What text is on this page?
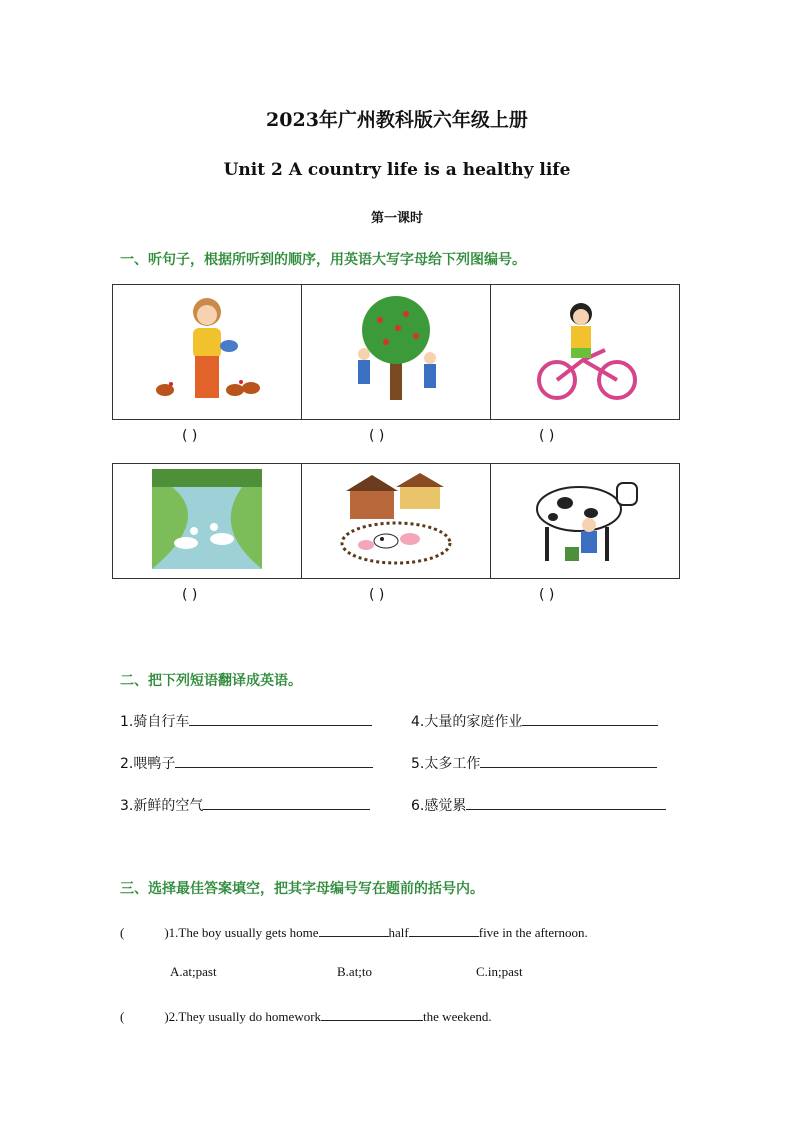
2023年广州教科版六年级上册
Unit 2 A country life is a healthy life
第一课时
一、听句子，根据所听到的顺序，用英语大写字母给下列图编号。

( )	( )	( )

( )	( )	( )
二、把下列短语翻译成英语。
1.骑自行车	4.大量的家庭作业
2.喂鸭子	5.太多工作
3.新鲜的空气	6.感觉累
三、选择最佳答案填空，把其字母编号写在题前的括号内。
(	)1.The boy usually gets home	half	five in the afternoon.
A.at;past	B.at;to	C.in;past
(	)2.They usually do homework	the weekend.
